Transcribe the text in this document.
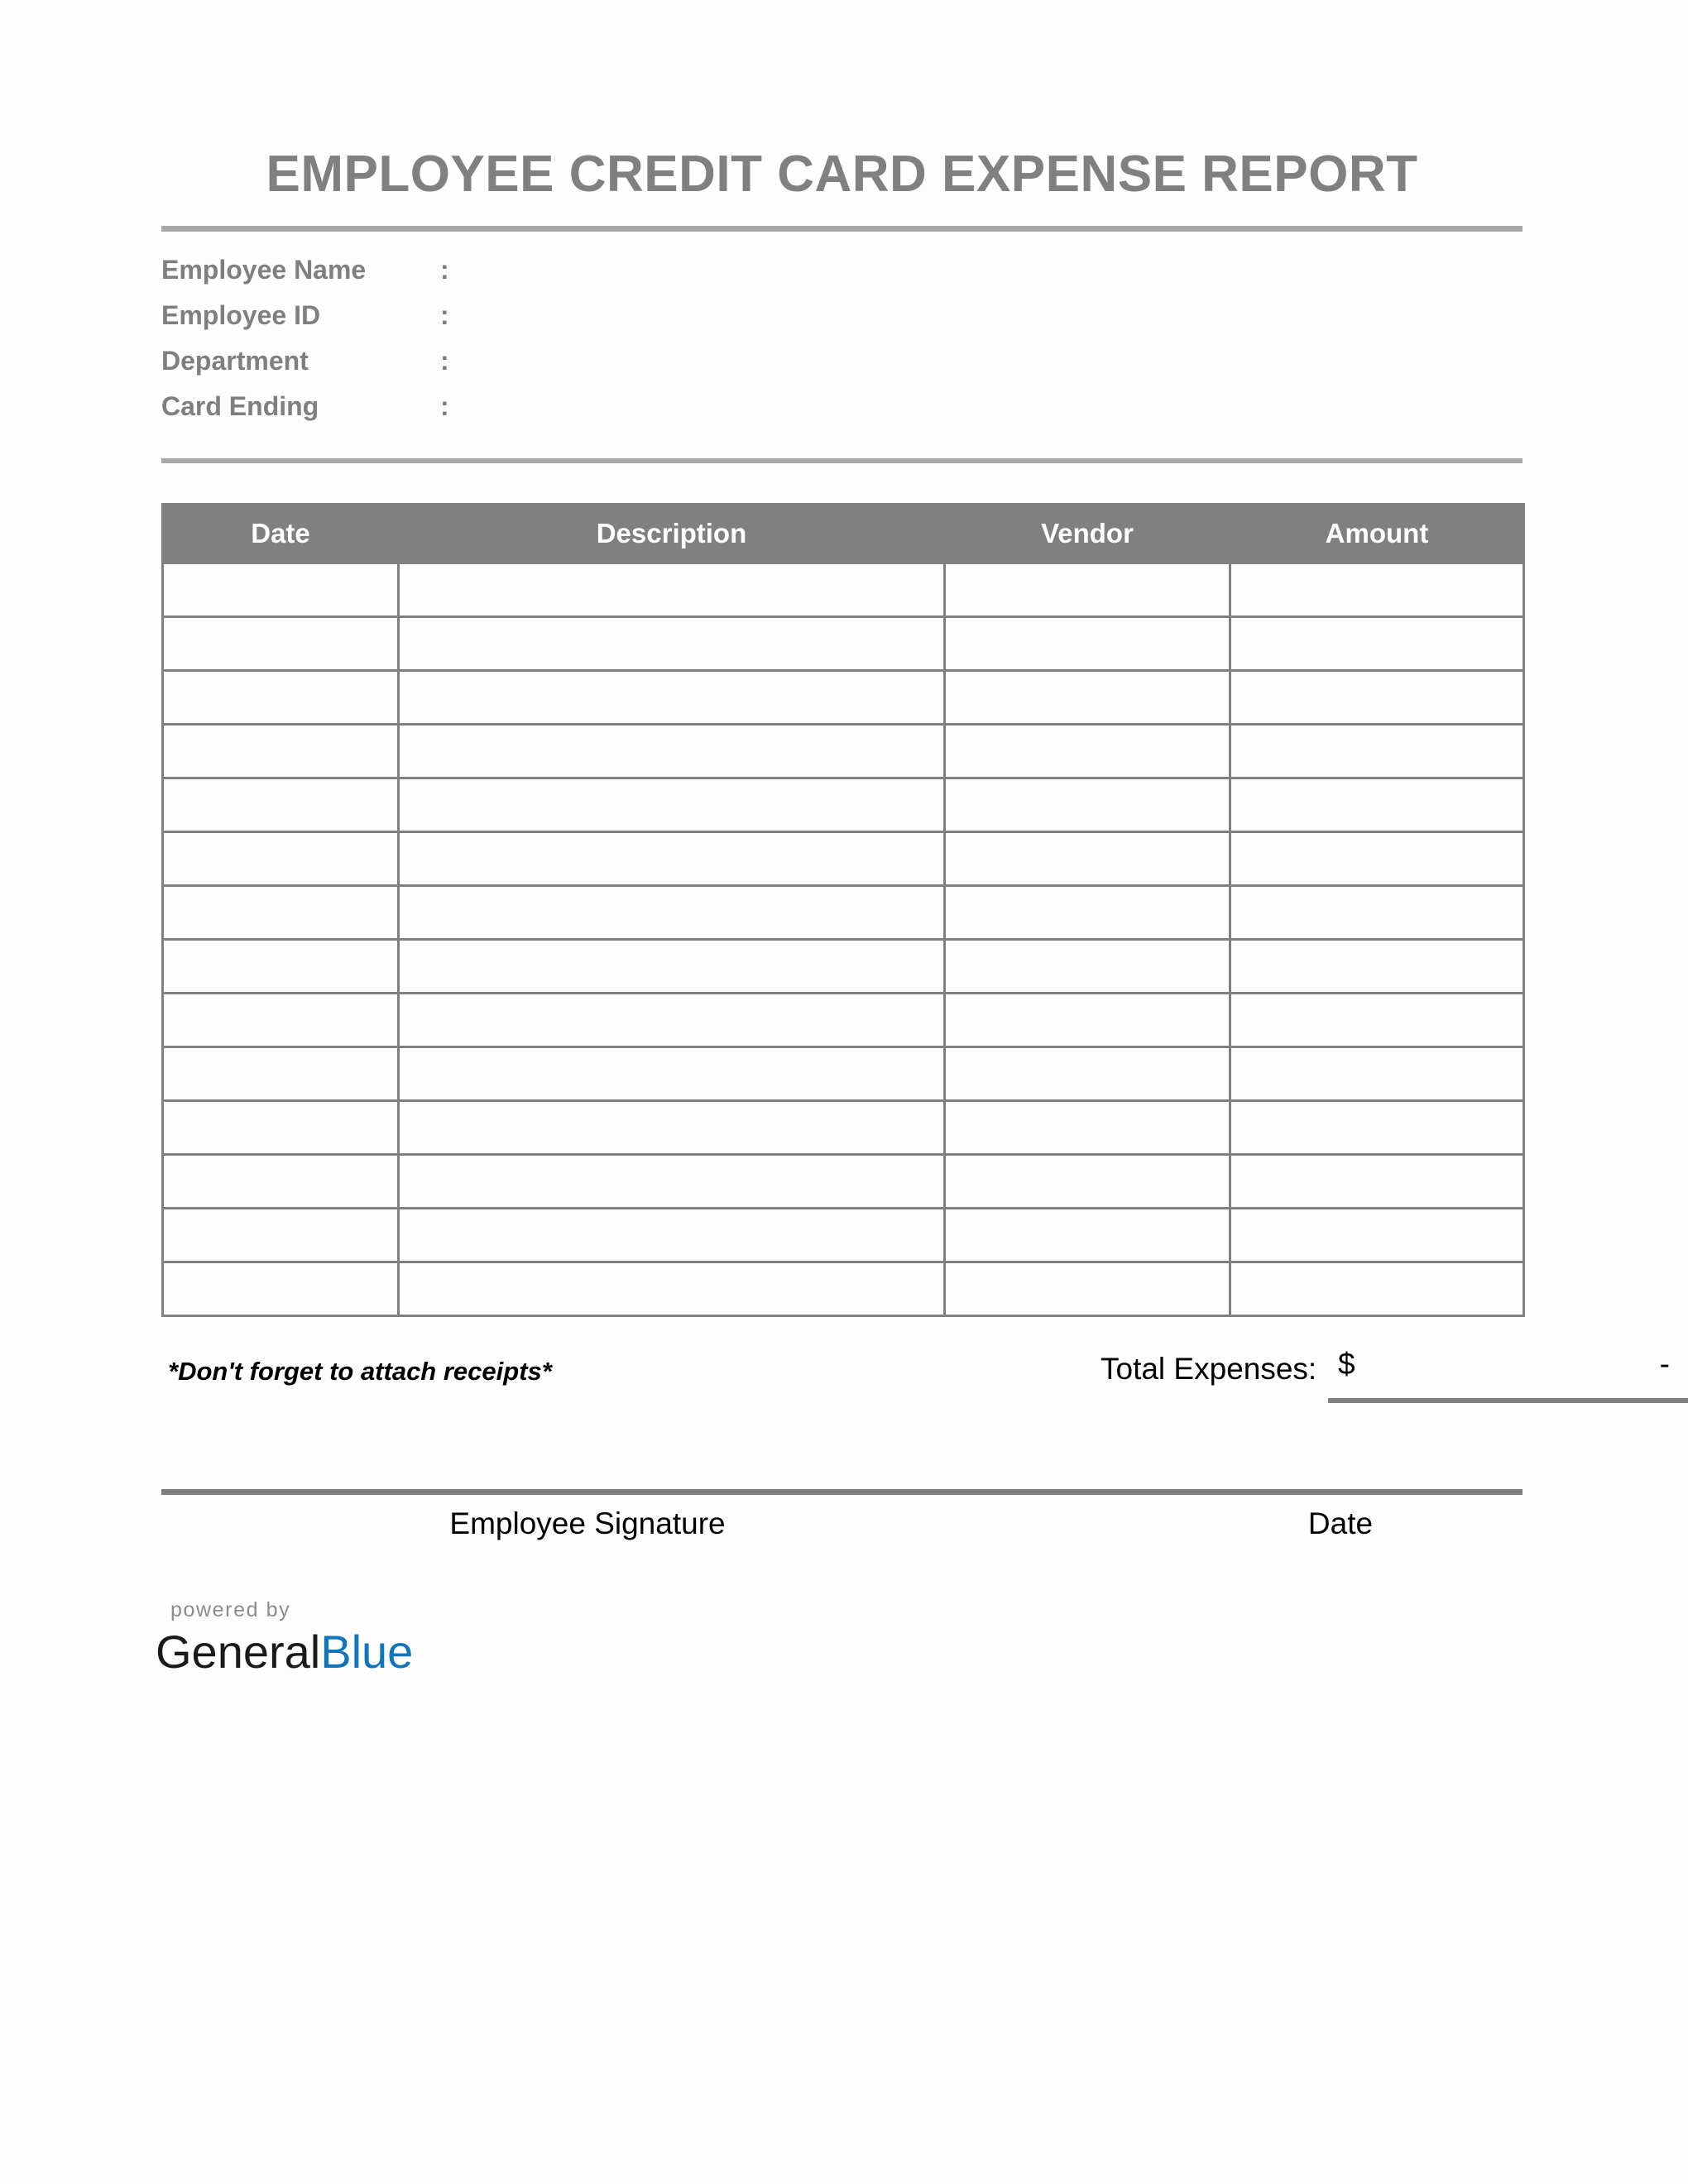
EMPLOYEE CREDIT CARD EXPENSE REPORT
Employee Name	:
Employee ID	:
Department	:
Card Ending	:
Date	Description	Vendor	Amount

*Don't forget to attach receipts*	Total Expenses: $	-
Employee Signature	Date
powered by
GeneralBlue
